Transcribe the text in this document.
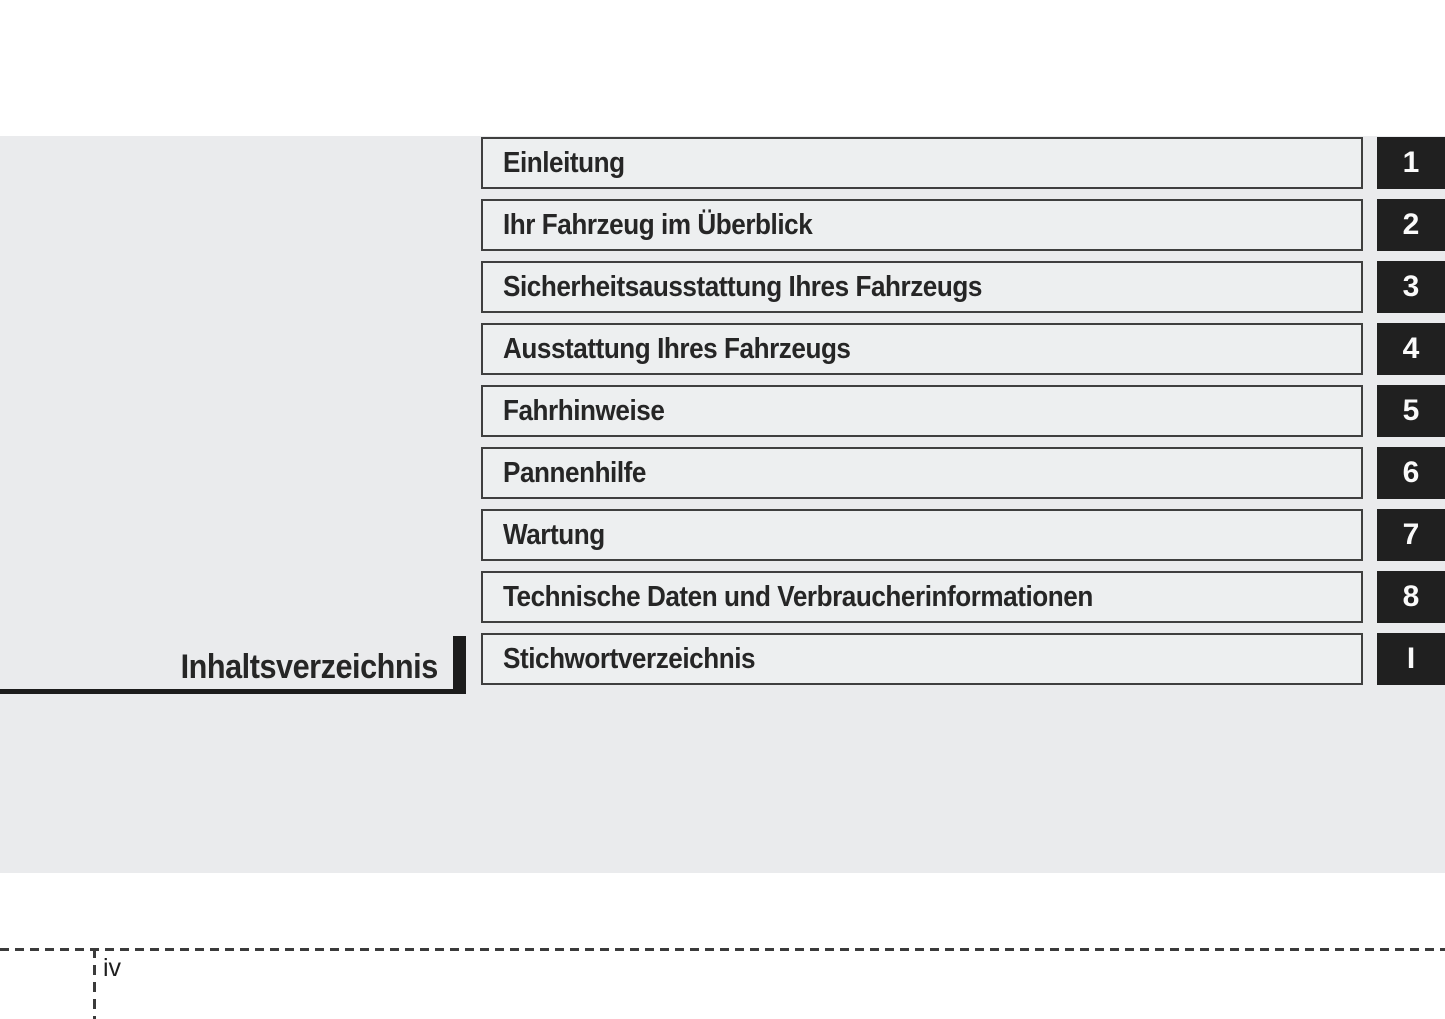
Inhaltsverzeichnis
Einleitung	1
Ihr Fahrzeug im Überblick	2
Sicherheitsausstattung Ihres Fahrzeugs	3
Ausstattung Ihres Fahrzeugs	4
Fahrhinweise	5
Pannenhilfe	6
Wartung	7
Technische Daten und Verbraucherinformationen	8
Stichwortverzeichnis	I
iv
